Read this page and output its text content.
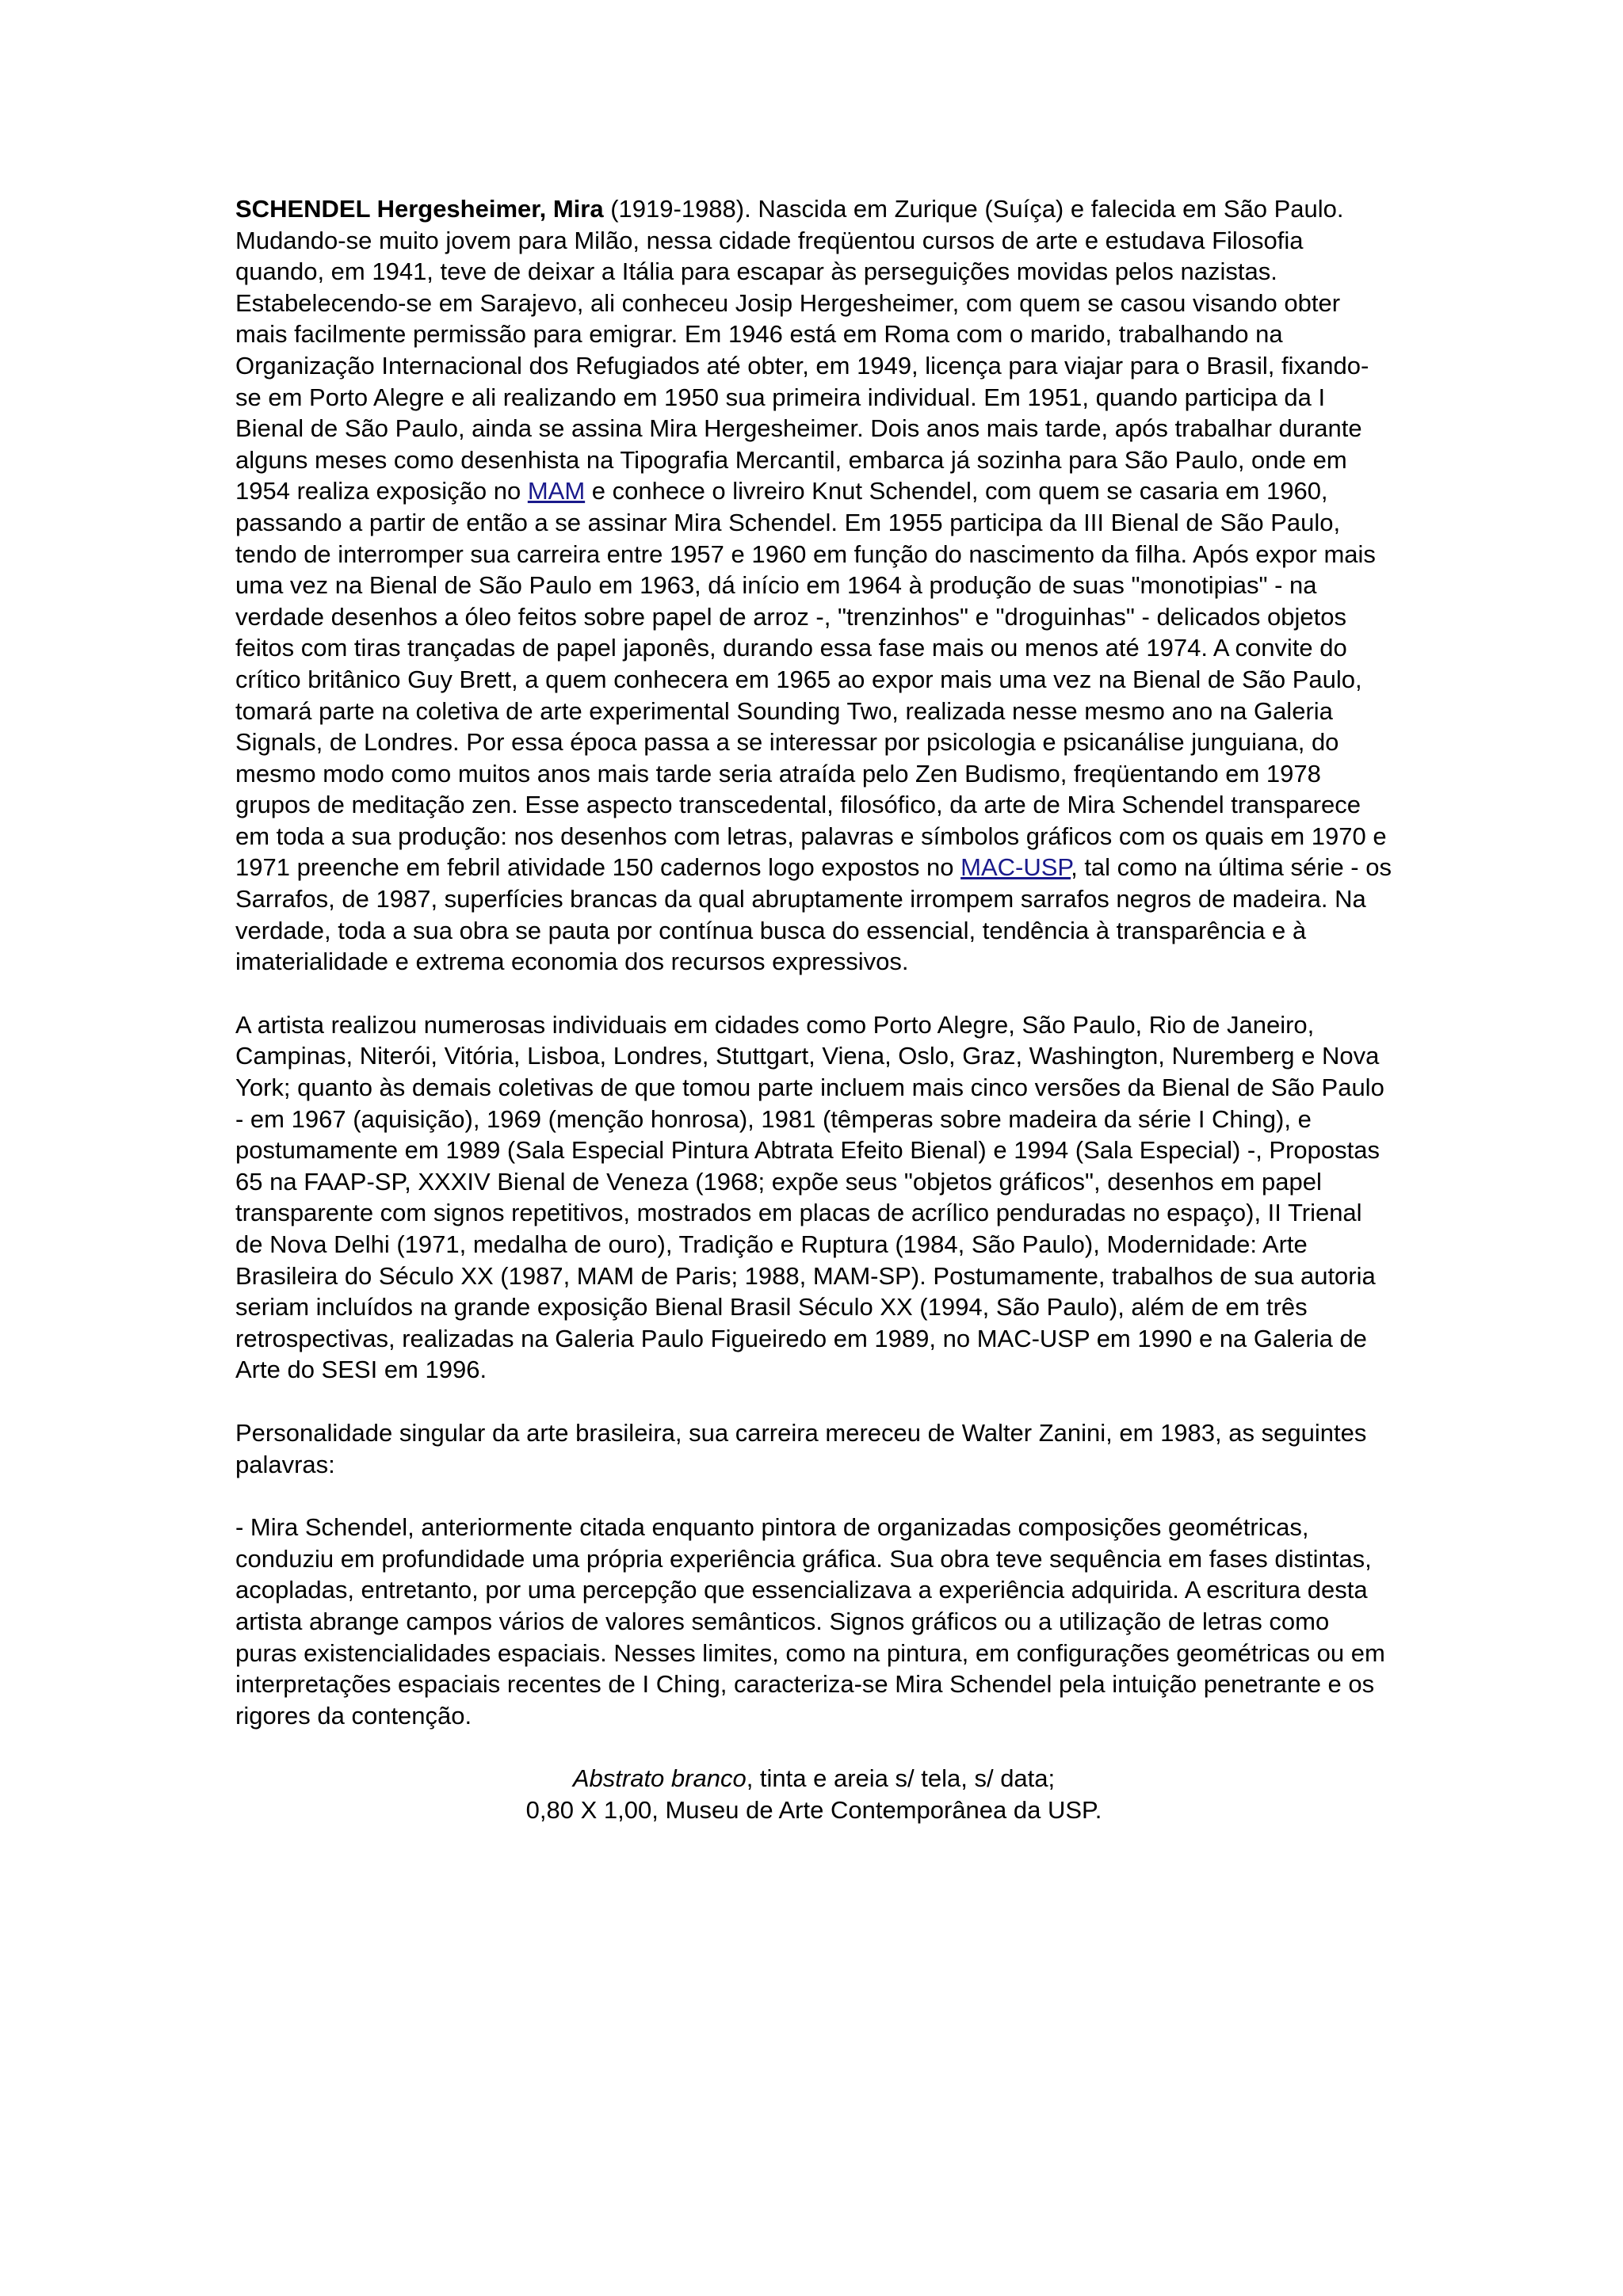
SCHENDEL Hergesheimer, Mira (1919-1988). Nascida em Zurique (Suíça) e falecida em São Paulo. Mudando-se muito jovem para Milão, nessa cidade freqüentou cursos de arte e estudava Filosofia quando, em 1941, teve de deixar a Itália para escapar às perseguições movidas pelos nazistas. Estabelecendo-se em Sarajevo, ali conheceu Josip Hergesheimer, com quem se casou visando obter mais facilmente permissão para emigrar. Em 1946 está em Roma com o marido, trabalhando na Organização Internacional dos Refugiados até obter, em 1949, licença para viajar para o Brasil, fixando-se em Porto Alegre e ali realizando em 1950 sua primeira individual. Em 1951, quando participa da I Bienal de São Paulo, ainda se assina Mira Hergesheimer. Dois anos mais tarde, após trabalhar durante alguns meses como desenhista na Tipografia Mercantil, embarca já sozinha para São Paulo, onde em 1954 realiza exposição no MAM e conhece o livreiro Knut Schendel, com quem se casaria em 1960, passando a partir de então a se assinar Mira Schendel. Em 1955 participa da III Bienal de São Paulo, tendo de interromper sua carreira entre 1957 e 1960 em função do nascimento da filha. Após expor mais uma vez na Bienal de São Paulo em 1963, dá início em 1964 à produção de suas "monotipias" - na verdade desenhos a óleo feitos sobre papel de arroz -, "trenzinhos" e "droguinhas" - delicados objetos feitos com tiras trançadas de papel japonês, durando essa fase mais ou menos até 1974. A convite do crítico britânico Guy Brett, a quem conhecera em 1965 ao expor mais uma vez na Bienal de São Paulo, tomará parte na coletiva de arte experimental Sounding Two, realizada nesse mesmo ano na Galeria Signals, de Londres. Por essa época passa a se interessar por psicologia e psicanálise junguiana, do mesmo modo como muitos anos mais tarde seria atraída pelo Zen Budismo, freqüentando em 1978 grupos de meditação zen. Esse aspecto transcedental, filosófico, da arte de Mira Schendel transparece em toda a sua produção: nos desenhos com letras, palavras e símbolos gráficos com os quais em 1970 e 1971 preenche em febril atividade 150 cadernos logo expostos no MAC-USP, tal como na última série - os Sarrafos, de 1987, superfícies brancas da qual abruptamente irrompem sarrafos negros de madeira. Na verdade, toda a sua obra se pauta por contínua busca do essencial, tendência à transparência e à imaterialidade e extrema economia dos recursos expressivos.

A artista realizou numerosas individuais em cidades como Porto Alegre, São Paulo, Rio de Janeiro, Campinas, Niterói, Vitória, Lisboa, Londres, Stuttgart, Viena, Oslo, Graz, Washington, Nuremberg e Nova York; quanto às demais coletivas de que tomou parte incluem mais cinco versões da Bienal de São Paulo - em 1967 (aquisição), 1969 (menção honrosa), 1981 (têmperas sobre madeira da série I Ching), e postumamente em 1989 (Sala Especial Pintura Abtrata Efeito Bienal) e 1994 (Sala Especial) -, Propostas 65 na FAAP-SP, XXXIV Bienal de Veneza (1968; expõe seus "objetos gráficos", desenhos em papel transparente com signos repetitivos, mostrados em placas de acrílico penduradas no espaço), II Trienal de Nova Delhi (1971, medalha de ouro), Tradição e Ruptura (1984, São Paulo), Modernidade: Arte Brasileira do Século XX (1987, MAM de Paris; 1988, MAM-SP). Postumamente, trabalhos de sua autoria seriam incluídos na grande exposição Bienal Brasil Século XX (1994, São Paulo), além de em três retrospectivas, realizadas na Galeria Paulo Figueiredo em 1989, no MAC-USP em 1990 e na Galeria de Arte do SESI em 1996.

Personalidade singular da arte brasileira, sua carreira mereceu de Walter Zanini, em 1983, as seguintes palavras:

- Mira Schendel, anteriormente citada enquanto pintora de organizadas composições geométricas, conduziu em profundidade uma própria experiência gráfica. Sua obra teve sequência em fases distintas, acopladas, entretanto, por uma percepção que essencializava a experiência adquirida. A escritura desta artista abrange campos vários de valores semânticos. Signos gráficos ou a utilização de letras como puras existencialidades espaciais. Nesses limites, como na pintura, em configurações geométricas ou em interpretações espaciais recentes de I Ching, caracteriza-se Mira Schendel pela intuição penetrante e os rigores da contenção.

Abstrato branco, tinta e areia s/ tela, s/ data;
0,80 X 1,00, Museu de Arte Contemporânea da USP.
